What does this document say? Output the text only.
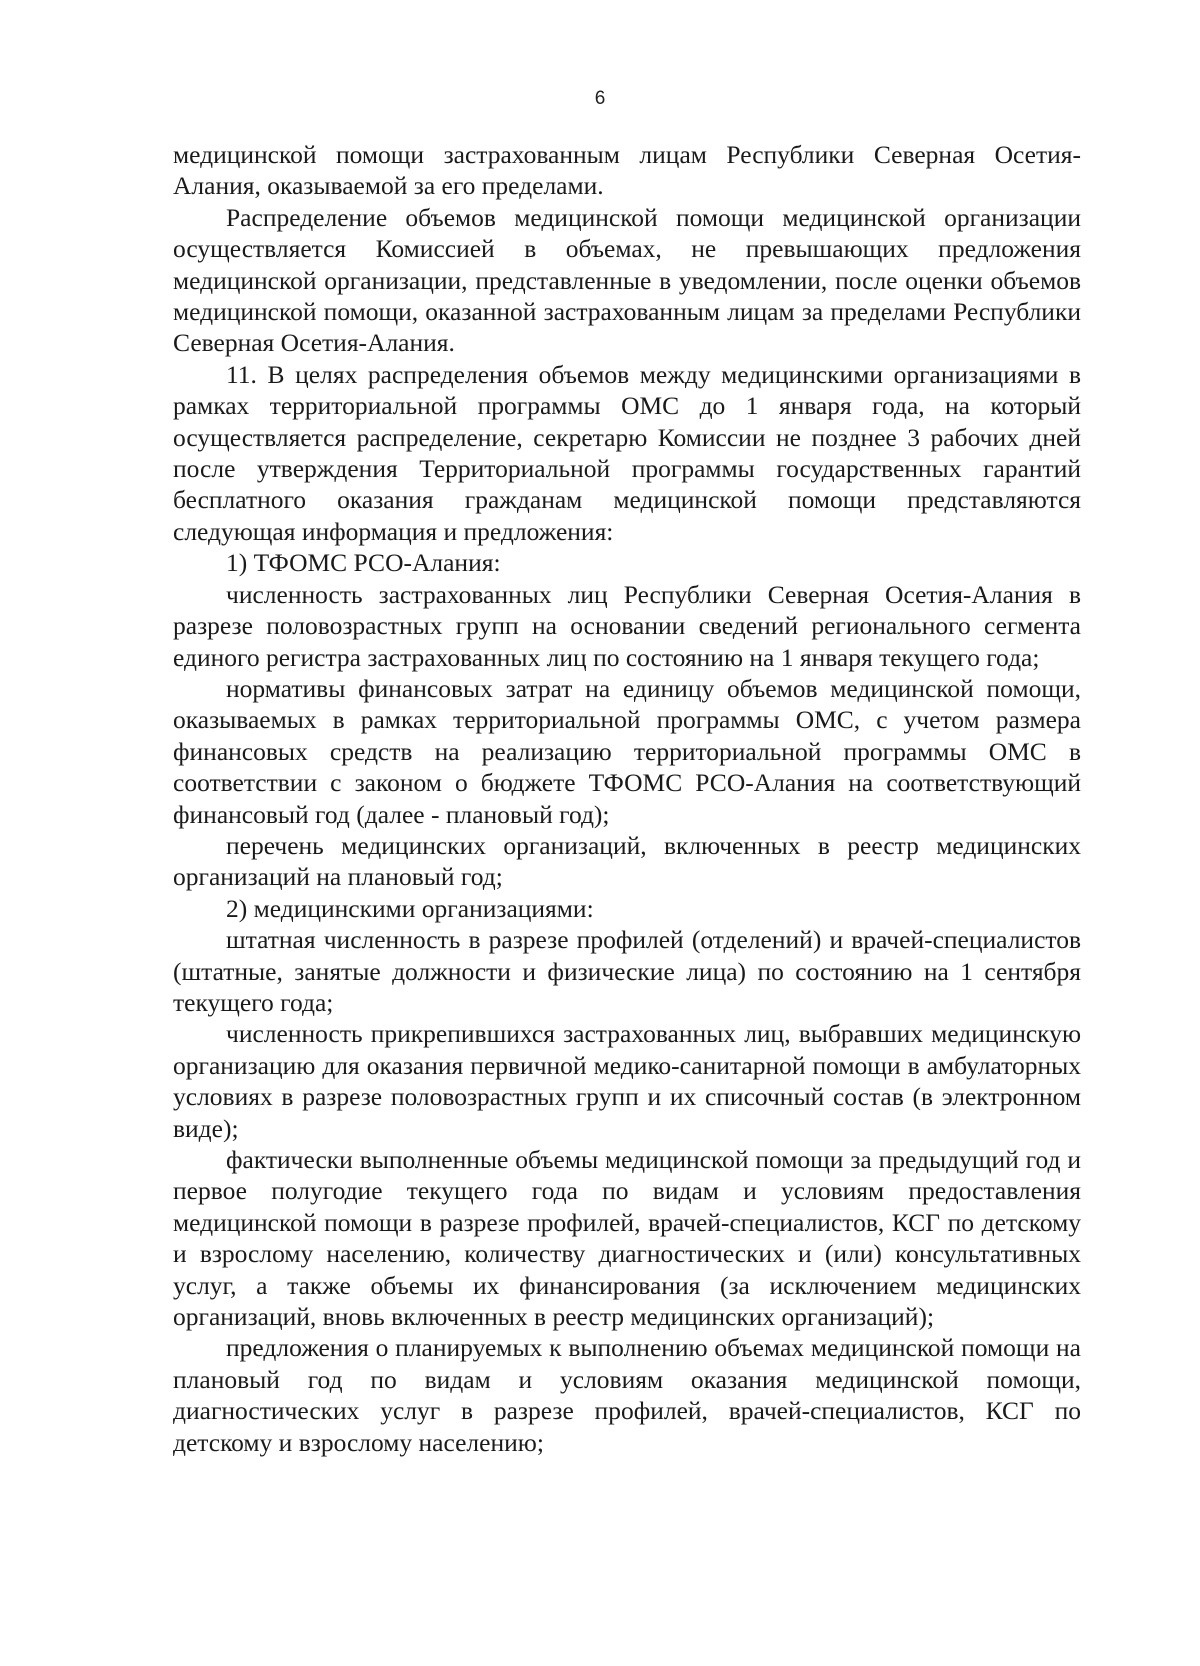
6

медицинской помощи застрахованным лицам Республики Северная Осетия-Алания, оказываемой за его пределами.

Распределение объемов медицинской помощи медицинской организации осуществляется Комиссией в объемах, не превышающих предложения медицинской организации, представленные в уведомлении, после оценки объемов медицинской помощи, оказанной застрахованным лицам за пределами Республики Северная Осетия-Алания.

11. В целях распределения объемов между медицинскими организациями в рамках территориальной программы ОМС до 1 января года, на который осуществляется распределение, секретарю Комиссии не позднее 3 рабочих дней после утверждения Территориальной программы государственных гарантий бесплатного оказания гражданам медицинской помощи представляются следующая информация и предложения:

1) ТФОМС РСО-Алания:

численность застрахованных лиц Республики Северная Осетия-Алания в разрезе половозрастных групп на основании сведений регионального сегмента единого регистра застрахованных лиц по состоянию на 1 января текущего года;

нормативы финансовых затрат на единицу объемов медицинской помощи, оказываемых в рамках территориальной программы ОМС, с учетом размера финансовых средств на реализацию территориальной программы ОМС в соответствии с законом о бюджете ТФОМС РСО-Алания на соответствующий финансовый год (далее - плановый год);

перечень медицинских организаций, включенных в реестр медицинских организаций на плановый год;

2) медицинскими организациями:

штатная численность в разрезе профилей (отделений) и врачей-специалистов (штатные, занятые должности и физические лица) по состоянию на 1 сентября текущего года;

численность прикрепившихся застрахованных лиц, выбравших медицинскую организацию для оказания первичной медико-санитарной помощи в амбулаторных условиях в разрезе половозрастных групп и их списочный состав (в электронном виде);

фактически выполненные объемы медицинской помощи за предыдущий год и первое полугодие текущего года по видам и условиям предоставления медицинской помощи в разрезе профилей, врачей-специалистов, КСГ по детскому и взрослому населению, количеству диагностических и (или) консультативных услуг, а также объемы их финансирования (за исключением медицинских организаций, вновь включенных в реестр медицинских организаций);

предложения о планируемых к выполнению объемах медицинской помощи на плановый год по видам и условиям оказания медицинской помощи, диагностических услуг в разрезе профилей, врачей-специалистов, КСГ по детскому и взрослому населению;
